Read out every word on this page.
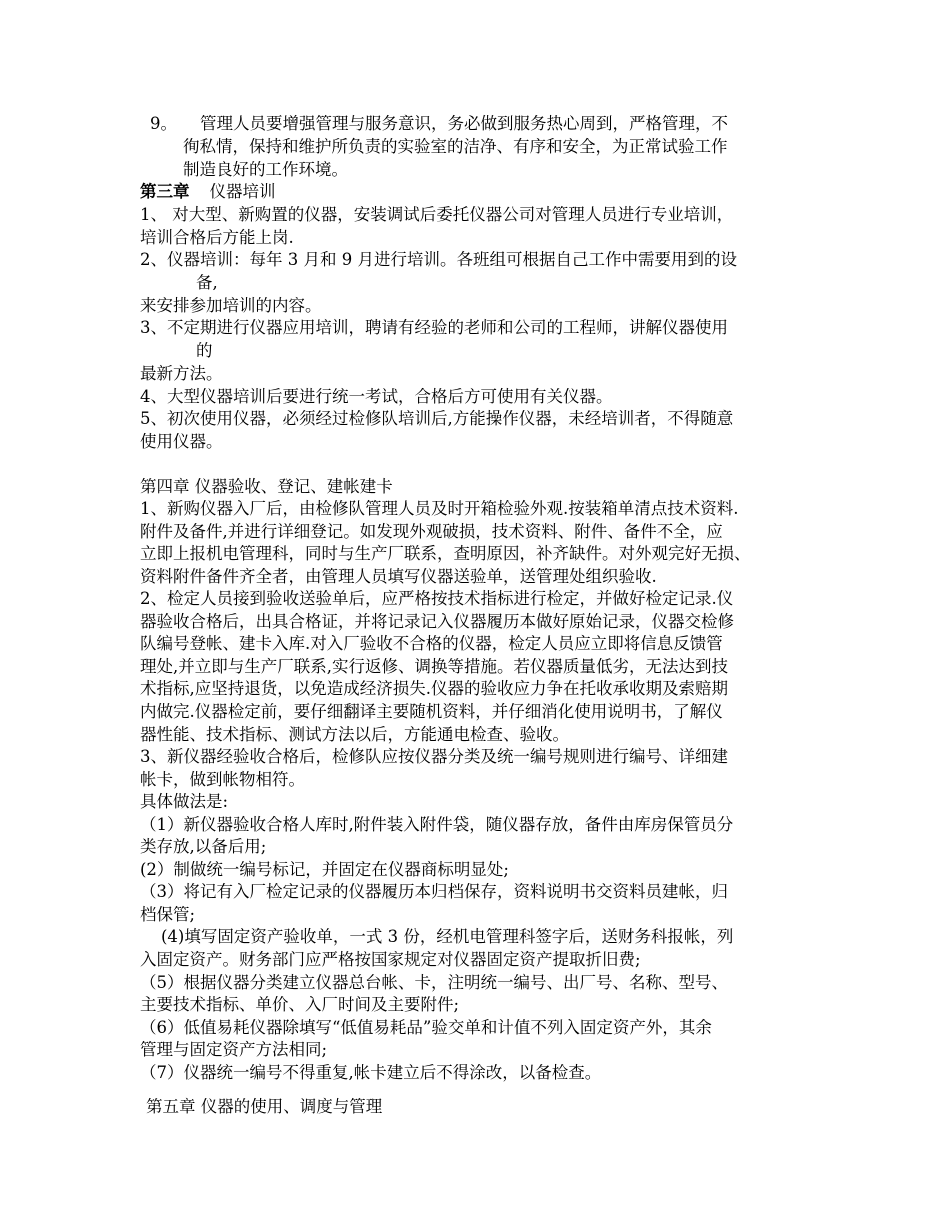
9。 管理人员要增强管理与服务意识，务必做到服务热心周到，严格管理，不
徇私情，保持和维护所负责的实验室的洁净、有序和安全，为正常试验工作
制造良好的工作环境。
第三章 仪器培训
1、 对大型、新购置的仪器，安装调试后委托仪器公司对管理人员进行专业培训，
培训合格后方能上岗.
2、仪器培训：每年 3 月和 9 月进行培训。各班组可根据自己工作中需要用到的设
备,
来安排参加培训的内容。
3、不定期进行仪器应用培训，聘请有经验的老师和公司的工程师，讲解仪器使用
的
最新方法。
4、大型仪器培训后要进行统一考试，合格后方可使用有关仪器。
5、初次使用仪器，必须经过检修队培训后,方能操作仪器，未经培训者，不得随意
使用仪器。
第四章 仪器验收、登记、建帐建卡
1、新购仪器入厂后，由检修队管理人员及时开箱检验外观.按装箱单清点技术资料.
附件及备件,并进行详细登记。如发现外观破损，技术资料、附件、备件不全，应
立即上报机电管理科，同时与生产厂联系，查明原因，补齐缺件。对外观完好无损、
资料附件备件齐全者，由管理人员填写仪器送验单，送管理处组织验收.
2、检定人员接到验收送验单后，应严格按技术指标进行检定，并做好检定记录.仪
器验收合格后，出具合格证，并将记录记入仪器履历本做好原始记录，仪器交检修
队编号登帐、建卡入库.对入厂验收不合格的仪器，检定人员应立即将信息反馈管
理处,并立即与生产厂联系,实行返修、调换等措施。若仪器质量低劣，无法达到技
术指标,应坚持退货，以免造成经济损失.仪器的验收应力争在托收承收期及索赔期
内做完.仪器检定前，要仔细翻译主要随机资料，并仔细消化使用说明书，了解仪
器性能、技术指标、测试方法以后，方能通电检查、验收。
3、新仪器经验收合格后，检修队应按仪器分类及统一编号规则进行编号、详细建
帐卡，做到帐物相符。
具体做法是:
（1）新仪器验收合格人库时,附件装入附件袋，随仪器存放，备件由库房保管员分
类存放,以备后用;
(2）制做统一编号标记，并固定在仪器商标明显处;
（3）将记有入厂检定记录的仪器履历本归档保存，资料说明书交资料员建帐，归
档保管;
(4)填写固定资产验收单，一式 3 份，经机电管理科签字后，送财务科报帐，列
入固定资产。财务部门应严格按国家规定对仪器固定资产提取折旧费;
（5）根据仪器分类建立仪器总台帐、卡，注明统一编号、出厂号、名称、型号、
主要技术指标、单价、入厂时间及主要附件;
（6）低值易耗仪器除填写“低值易耗品”验交单和计值不列入固定资产外，其余
管理与固定资产方法相同;
（7）仪器统一编号不得重复,帐卡建立后不得涂改，以备检查。
第五章 仪器的使用、调度与管理
